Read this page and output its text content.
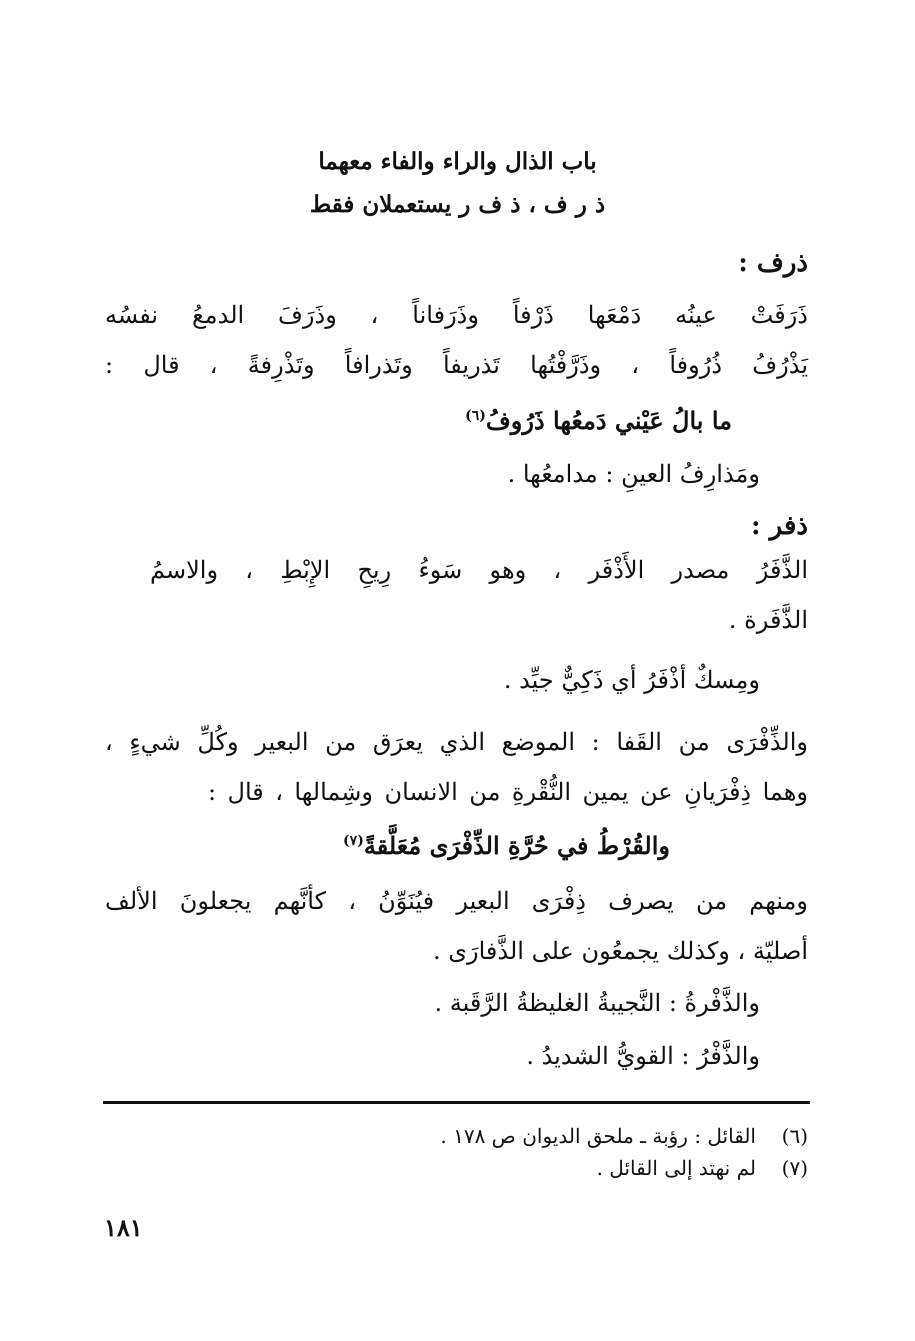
باب الذال والراء والفاء معهما
ذ ر ف ، ذ ف ر يستعملان فقط
ذرف :
ذَرَفَتْ عينُه دَمْعَها ذَرْفاً وذَرَفاناً ، وذَرَفَ الدمعُ نفسُه
يَذْرُفُ ذُرُوفاً ، وذَرَّفْتُها تَذريفاً وتَذرافاً وتَذْرِفةً ، قال :
ما بالُ عَيْني دَمعُها ذَرُوفُ$^{(٦)}$
ومَذارِفُ العينِ : مدامعُها .
ذفر :
الذَّفَرُ مصدر الأَذْفَر ، وهو سَوءُ رِيحِ الإِبْطِ ، والاسمُ
الذَّفَرة .
ومِسكٌ أذْفَرُ أي ذَكِيٌّ جيِّد .
والذِّفْرَى من القَفا : الموضع الذي يعرَق من البعير وكُلِّ شيءٍ ،
وهما ذِفْرَيانِ عن يمين النُّقْرةِ من الانسان وشِمالها ، قال :
والقُرْطُ في حُرَّةِ الذِّفْرَى مُعَلَّقةً$^{(٧)}$
ومنهم من يصرف ذِفْرَى البعير فيُنَوِّنُ ، كأنَّهم يجعلونَ الألف
أصليّة ، وكذلك يجمعُون على الذَّفارَى .
والذَّفْرةُ : النَّجيبةُ الغليظةُ الرَّقَبة .
والذَّفْرُ : القويُّ الشديدُ .
(٦)القائل : رؤبة ـ ملحق الديوان ص ١٧٨ .
(٧)لم نهتد إلى القائل .
١٨١
